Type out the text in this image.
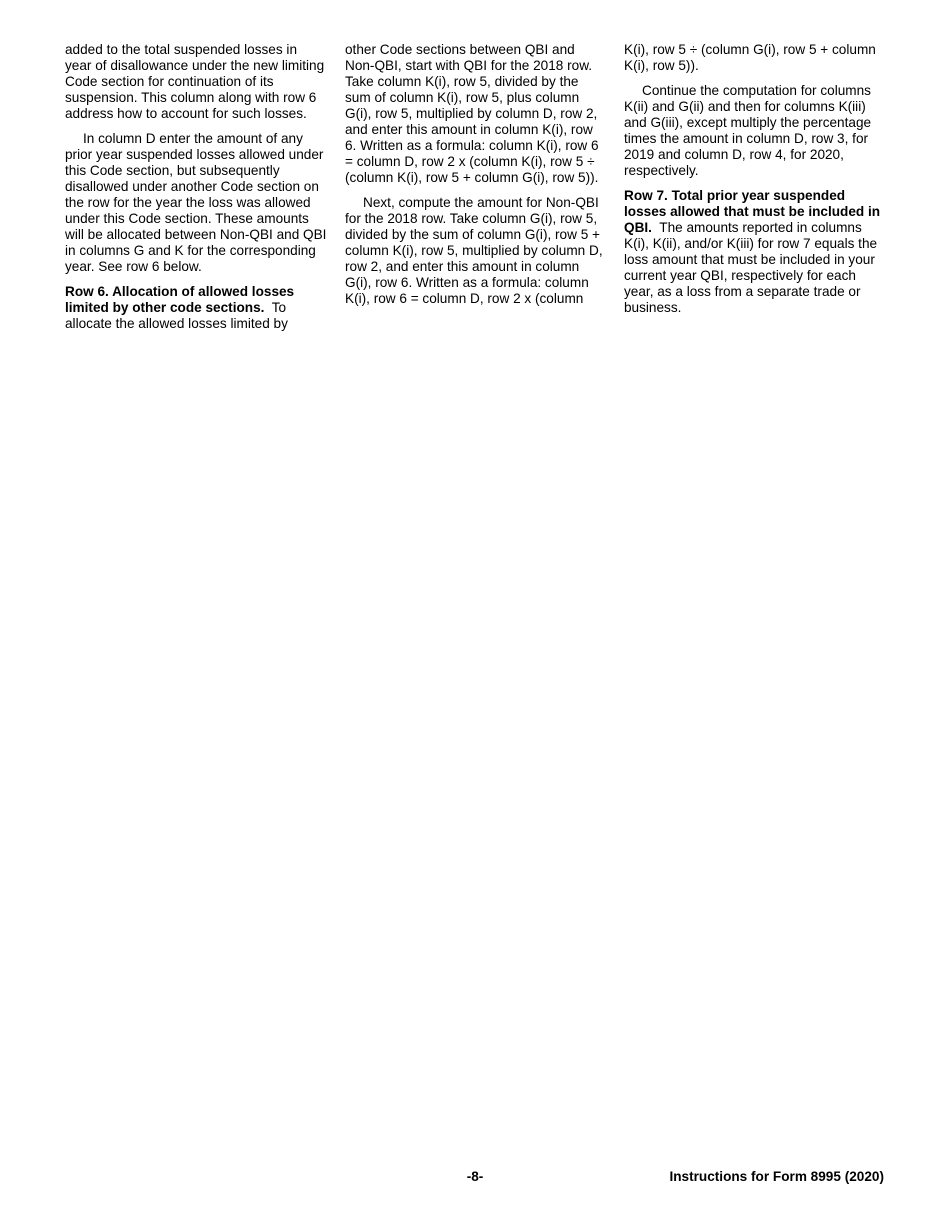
added to the total suspended losses in year of disallowance under the new limiting Code section for continuation of its suspension. This column along with row 6 address how to account for such losses.

In column D enter the amount of any prior year suspended losses allowed under this Code section, but subsequently disallowed under another Code section on the row for the year the loss was allowed under this Code section. These amounts will be allocated between Non-QBI and QBI in columns G and K for the corresponding year. See row 6 below.

Row 6. Allocation of allowed losses limited by other code sections. To allocate the allowed losses limited by

other Code sections between QBI and Non-QBI, start with QBI for the 2018 row. Take column K(i), row 5, divided by the sum of column K(i), row 5, plus column G(i), row 5, multiplied by column D, row 2, and enter this amount in column K(i), row 6. Written as a formula: column K(i), row 6 = column D, row 2 x (column K(i), row 5 ÷ (column K(i), row 5 + column G(i), row 5)).

Next, compute the amount for Non-QBI for the 2018 row. Take column G(i), row 5, divided by the sum of column G(i), row 5 + column K(i), row 5, multiplied by column D, row 2, and enter this amount in column G(i), row 6. Written as a formula: column K(i), row 6 = column D, row 2 x (column

K(i), row 5 ÷ (column G(i), row 5 + column K(i), row 5)).

Continue the computation for columns K(ii) and G(ii) and then for columns K(iii) and G(iii), except multiply the percentage times the amount in column D, row 3, for 2019 and column D, row 4, for 2020, respectively.

Row 7. Total prior year suspended losses allowed that must be included in QBI. The amounts reported in columns K(i), K(ii), and/or K(iii) for row 7 equals the loss amount that must be included in your current year QBI, respectively for each year, as a loss from a separate trade or business.

-8-	Instructions for Form 8995 (2020)
